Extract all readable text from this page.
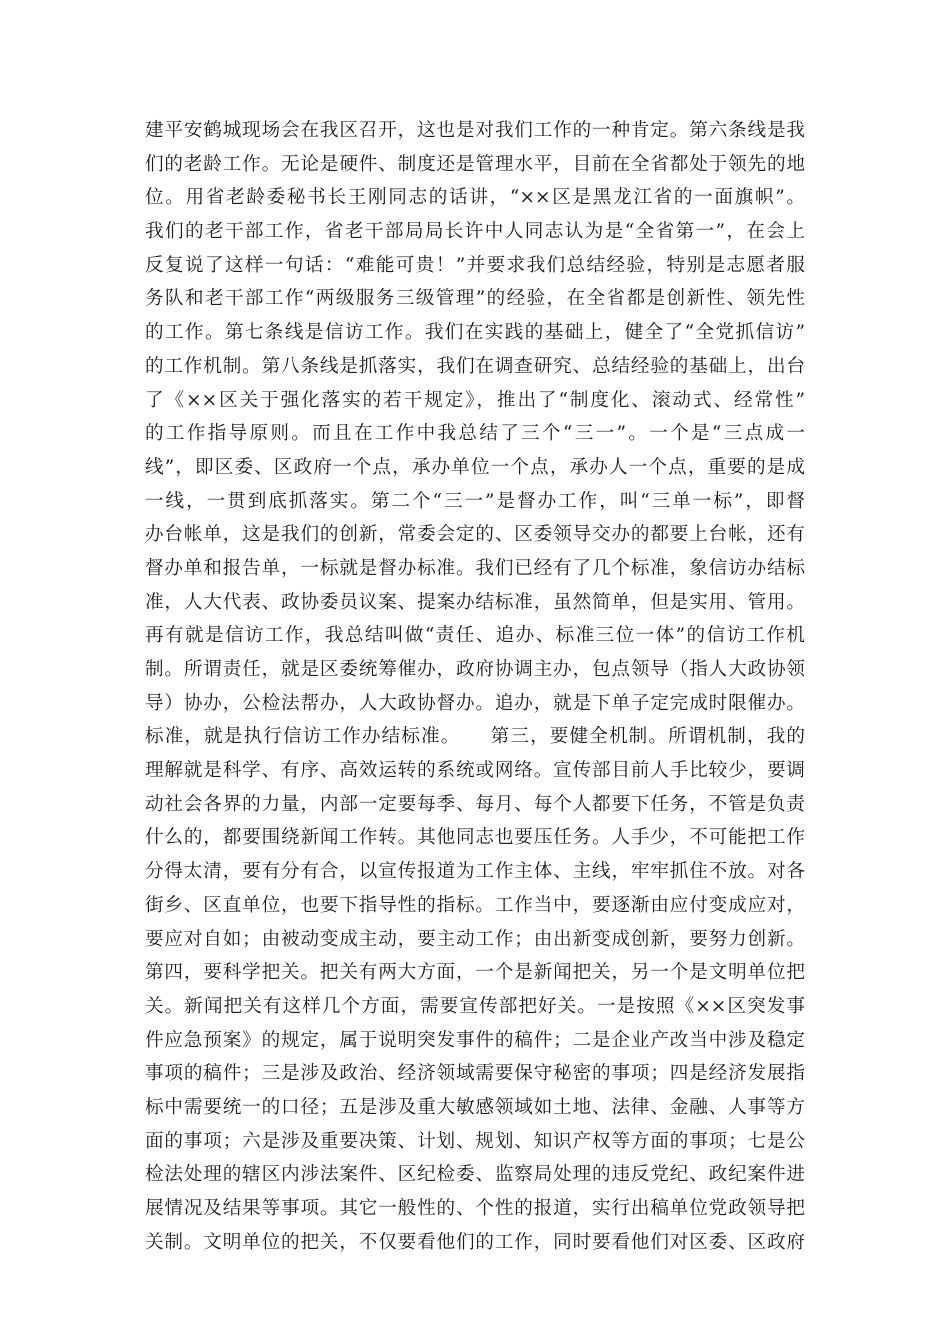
建平安鹤城现场会在我区召开，这也是对我们工作的一种肯定。第六条线是我
们的老龄工作。无论是硬件、制度还是管理水平，目前在全省都处于领先的地
位。用省老龄委秘书长王刚同志的话讲，“××区是黑龙江省的一面旗帜”。
我们的老干部工作，省老干部局局长许中人同志认为是“全省第一”，在会上
反复说了这样一句话：“难能可贵！”并要求我们总结经验，特别是志愿者服
务队和老干部工作“两级服务三级管理”的经验，在全省都是创新性、领先性
的工作。第七条线是信访工作。我们在实践的基础上，健全了“全党抓信访”
的工作机制。第八条线是抓落实，我们在调查研究、总结经验的基础上，出台
了《××区关于强化落实的若干规定》，推出了“制度化、滚动式、经常性”
的工作指导原则。而且在工作中我总结了三个“三一”。一个是“三点成一
线”，即区委、区政府一个点，承办单位一个点，承办人一个点，重要的是成
一线，一贯到底抓落实。第二个“三一”是督办工作，叫“三单一标”，即督
办台帐单，这是我们的创新，常委会定的、区委领导交办的都要上台帐，还有
督办单和报告单，一标就是督办标准。我们已经有了几个标准，象信访办结标
准，人大代表、政协委员议案、提案办结标准，虽然简单，但是实用、管用。
再有就是信访工作，我总结叫做“责任、追办、标准三位一体”的信访工作机
制。所谓责任，就是区委统筹催办，政府协调主办，包点领导（指人大政协领
导）协办，公检法帮办，人大政协督办。追办，就是下单子定完成时限催办。
标准，就是执行信访工作办结标准。　　第三，要健全机制。所谓机制，我的
理解就是科学、有序、高效运转的系统或网络。宣传部目前人手比较少，要调
动社会各界的力量，内部一定要每季、每月、每个人都要下任务，不管是负责
什么的，都要围绕新闻工作转。其他同志也要压任务。人手少，不可能把工作
分得太清，要有分有合，以宣传报道为工作主体、主线，牢牢抓住不放。对各
街乡、区直单位，也要下指导性的指标。工作当中，要逐渐由应付变成应对，
要应对自如；由被动变成主动，要主动工作；由出新变成创新，要努力创新。
第四，要科学把关。把关有两大方面，一个是新闻把关，另一个是文明单位把
关。新闻把关有这样几个方面，需要宣传部把好关。一是按照《××区突发事
件应急预案》的规定，属于说明突发事件的稿件；二是企业产改当中涉及稳定
事项的稿件；三是涉及政治、经济领域需要保守秘密的事项；四是经济发展指
标中需要统一的口径；五是涉及重大敏感领域如土地、法律、金融、人事等方
面的事项；六是涉及重要决策、计划、规划、知识产权等方面的事项；七是公
检法处理的辖区内涉法案件、区纪检委、监察局处理的违反党纪、政纪案件进
展情况及结果等事项。其它一般性的、个性的报道，实行出稿单位党政领导把
关制。文明单位的把关，不仅要看他们的工作，同时要看他们对区委、区政府
